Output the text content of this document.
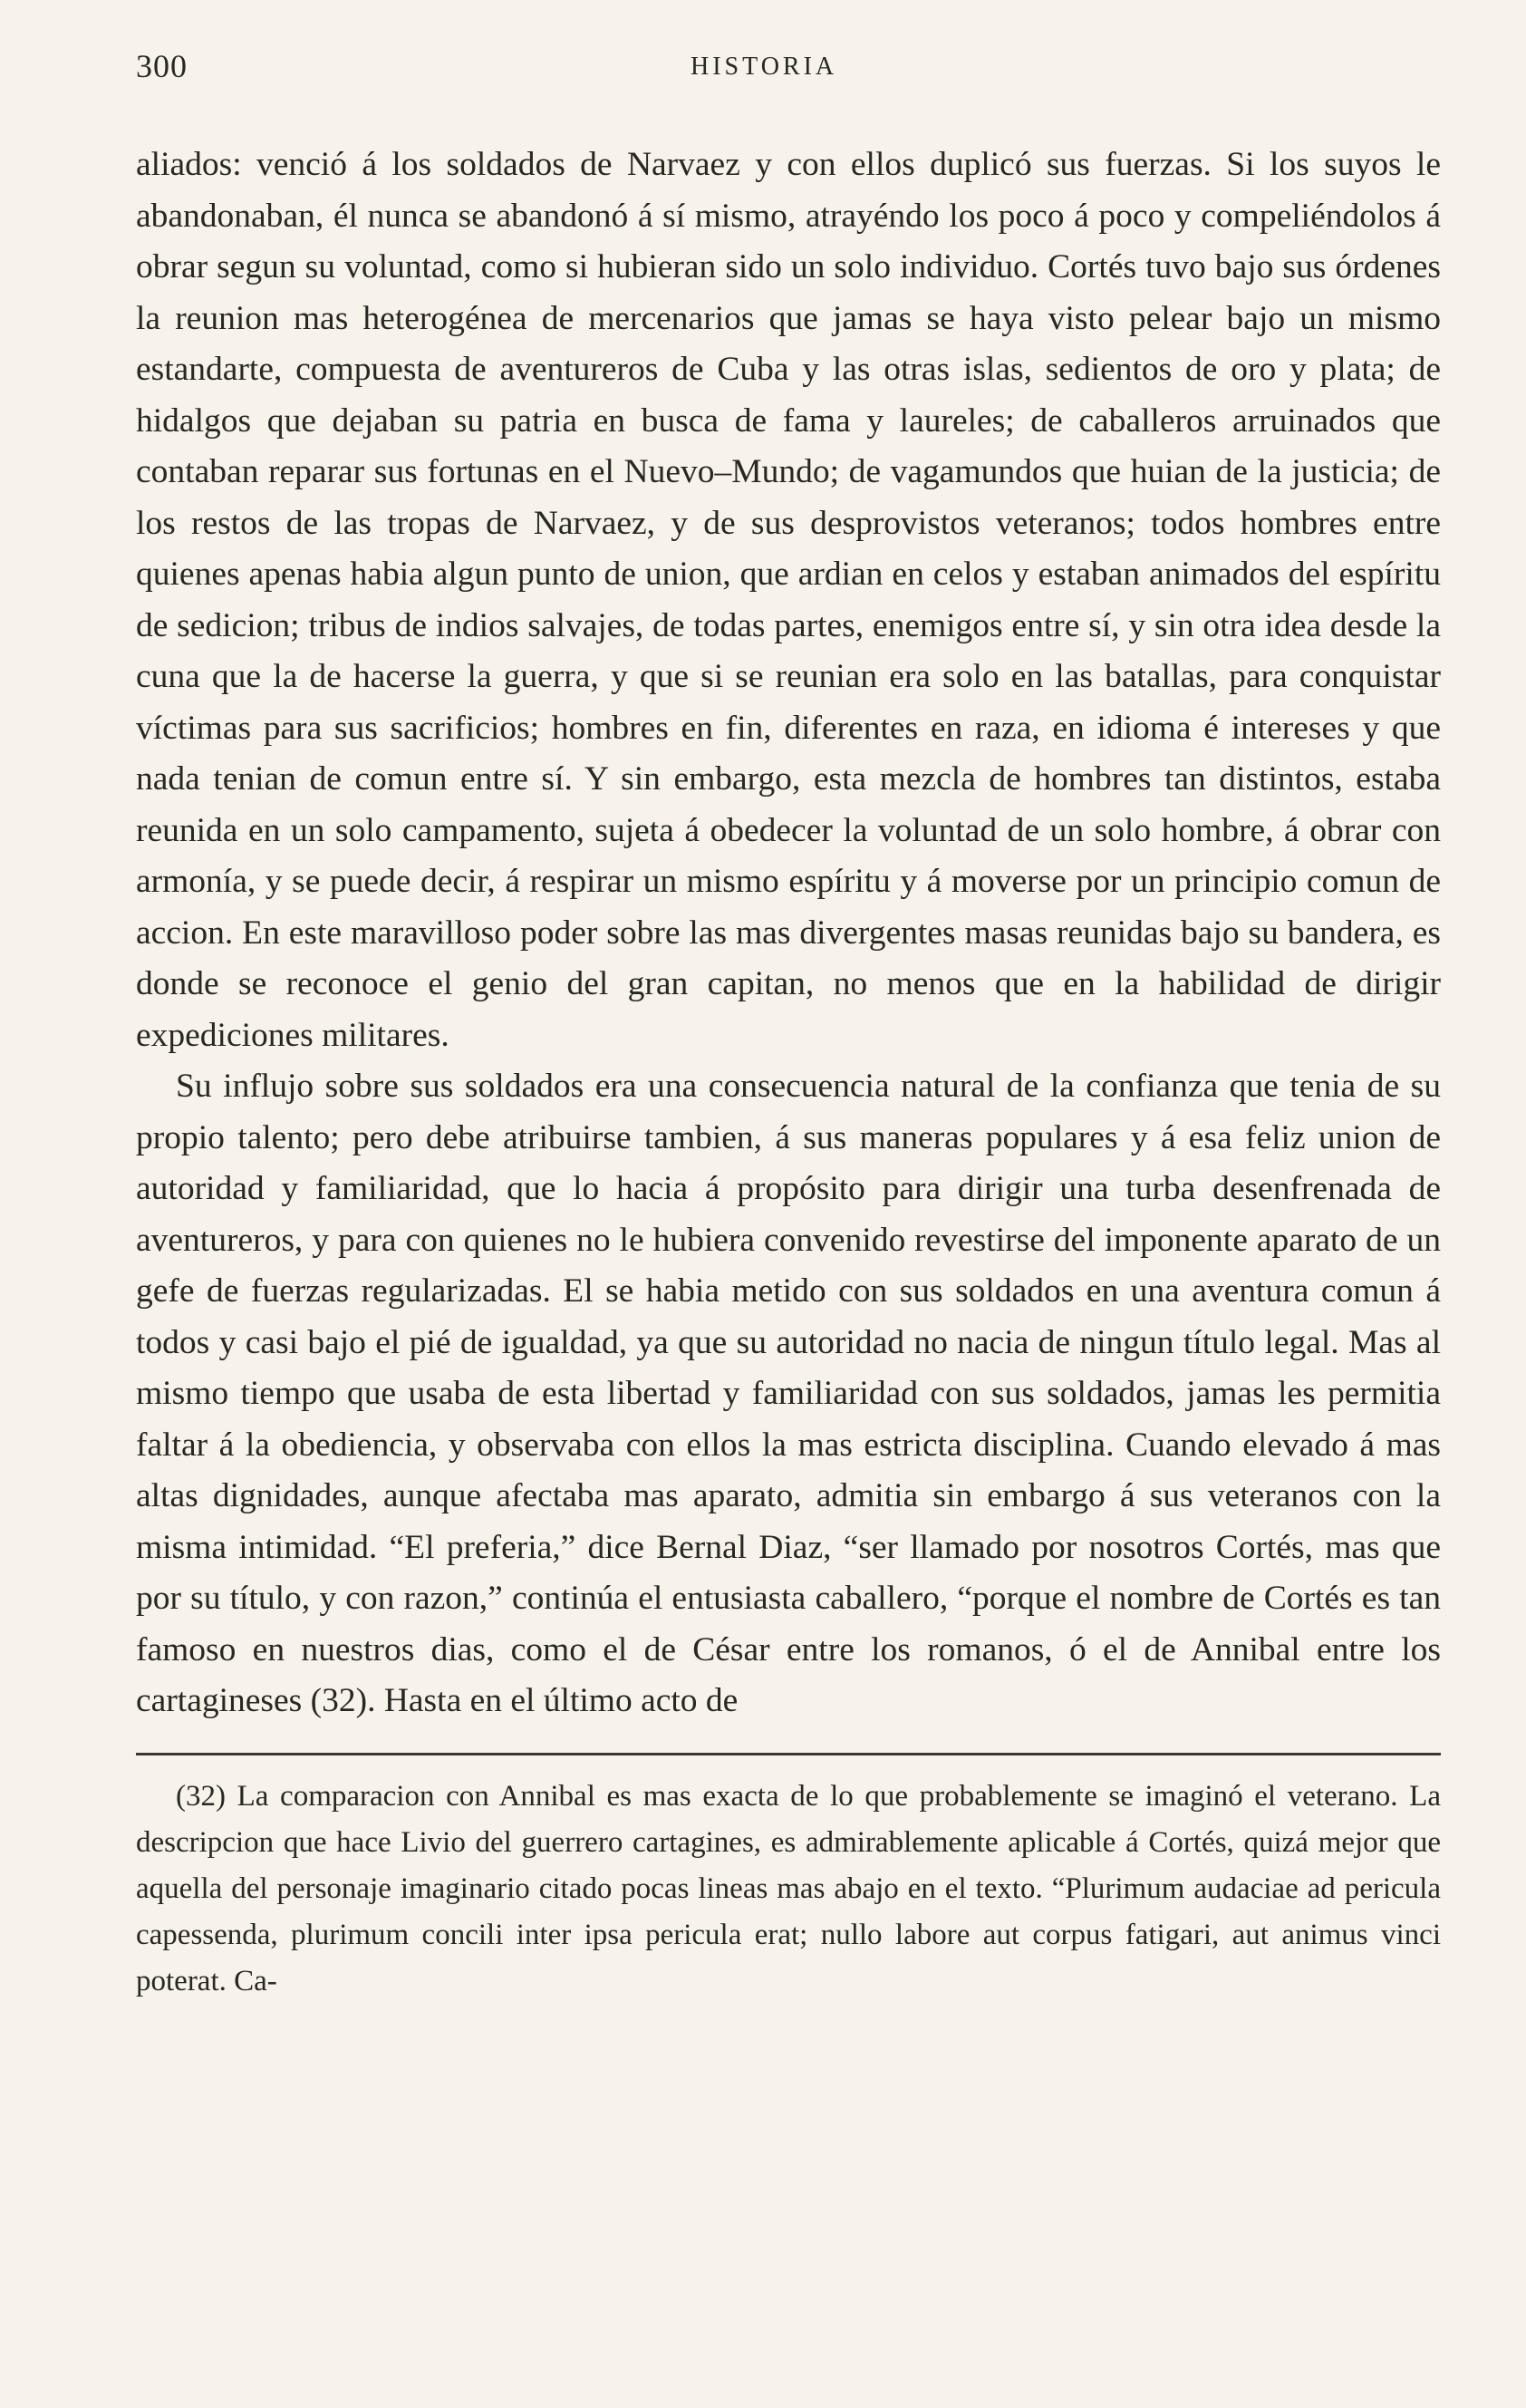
300	HISTORIA

aliados: venció á los soldados de Narvaez y con ellos duplicó sus fuerzas. Si los suyos le abandonaban, él nunca se abandonó á sí mismo, atrayéndo los poco á poco y compeliéndolos á obrar segun su voluntad, como si hubieran sido un solo individuo. Cortés tuvo bajo sus órdenes la reunion mas heterogénea de mercenarios que jamas se haya visto pelear bajo un mismo estandarte, compuesta de aventureros de Cuba y las otras islas, sedientos de oro y plata; de hidalgos que dejaban su patria en busca de fama y laureles; de caballeros arruinados que contaban reparar sus fortunas en el Nuevo–Mundo; de vagamundos que huian de la justicia; de los restos de las tropas de Narvaez, y de sus desprovistos veteranos; todos hombres entre quienes apenas habia algun punto de union, que ardian en celos y estaban animados del espíritu de sedicion; tribus de indios salvajes, de todas partes, enemigos entre sí, y sin otra idea desde la cuna que la de hacerse la guerra, y que si se reunian era solo en las batallas, para conquistar víctimas para sus sacrificios; hombres en fin, diferentes en raza, en idioma é intereses y que nada tenian de comun entre sí. Y sin embargo, esta mezcla de hombres tan distintos, estaba reunida en un solo campamento, sujeta á obedecer la voluntad de un solo hombre, á obrar con armonía, y se puede decir, á respirar un mismo espíritu y á moverse por un principio comun de accion. En este maravilloso poder sobre las mas divergentes masas reunidas bajo su bandera, es donde se reconoce el genio del gran capitan, no menos que en la habilidad de dirigir expediciones militares.

Su influjo sobre sus soldados era una consecuencia natural de la confianza que tenia de su propio talento; pero debe atribuirse tambien, á sus maneras populares y á esa feliz union de autoridad y familiaridad, que lo hacia á propósito para dirigir una turba desenfrenada de aventureros, y para con quienes no le hubiera convenido revestirse del imponente aparato de un gefe de fuerzas regularizadas. El se habia metido con sus soldados en una aventura comun á todos y casi bajo el pié de igualdad, ya que su autoridad no nacia de ningun título legal. Mas al mismo tiempo que usaba de esta libertad y familiaridad con sus soldados, jamas les permitia faltar á la obediencia, y observaba con ellos la mas estricta disciplina. Cuando elevado á mas altas dignidades, aunque afectaba mas aparato, admitia sin embargo á sus veteranos con la misma intimidad. “El preferia,” dice Bernal Diaz, “ser llamado por nosotros Cortés, mas que por su título, y con razon,” continúa el entusiasta caballero, “porque el nombre de Cortés es tan famoso en nuestros dias, como el de César entre los romanos, ó el de Annibal entre los cartagineses (32). Hasta en el último acto de

(32) La comparacion con Annibal es mas exacta de lo que probablemente se imaginó el veterano. La descripcion que hace Livio del guerrero cartagines, es admirablemente aplicable á Cortés, quizá mejor que aquella del personaje imaginario citado pocas lineas mas abajo en el texto. “Plurimum audaciae ad pericula capessenda, plurimum concili inter ipsa pericula erat; nullo labore aut corpus fatigari, aut animus vinci poterat. Ca-
